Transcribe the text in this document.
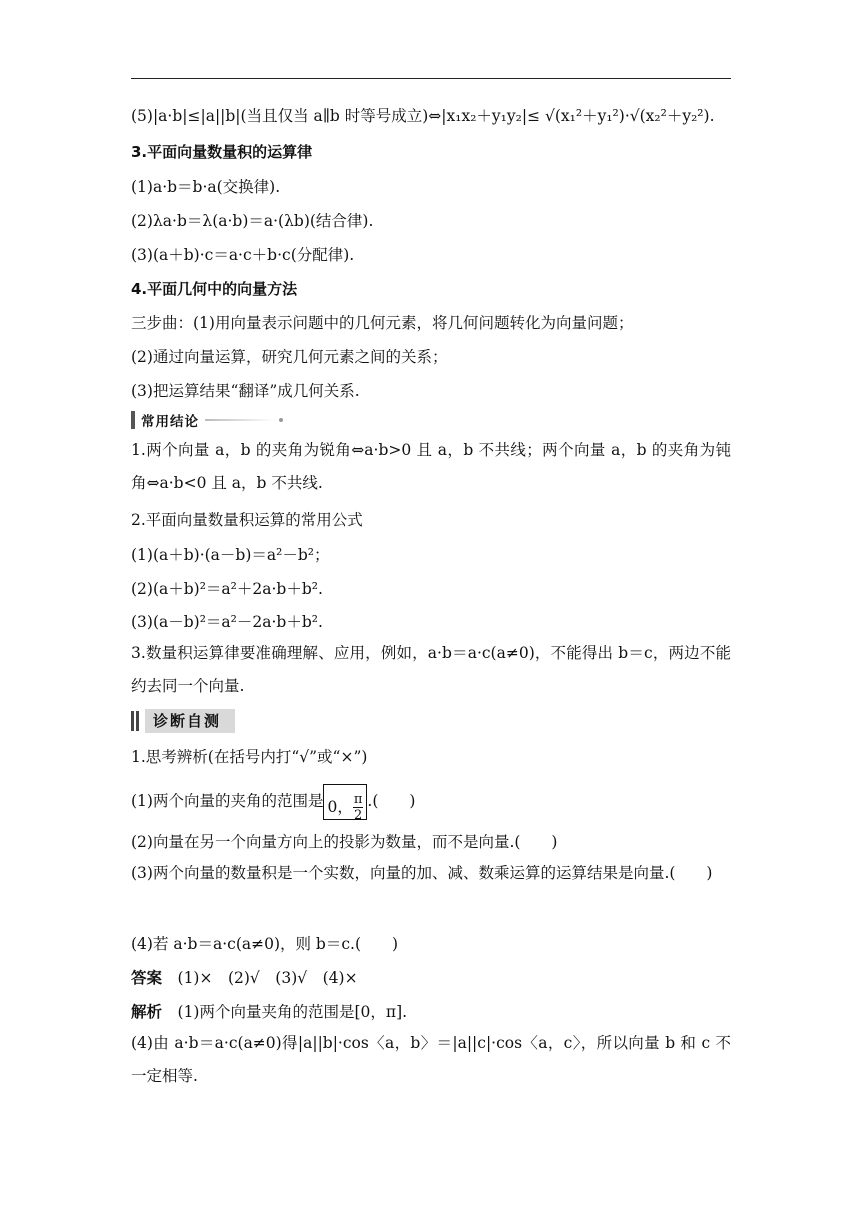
(5)|a·b|≤|a||b|(当且仅当 a∥b 时等号成立)⇔|x₁x₂＋y₁y₂|≤ √(x₁²＋y₁²)·√(x₂²＋y₂²).
3.平面向量数量积的运算律
(1)a·b＝b·a(交换律).
(2)λa·b＝λ(a·b)＝a·(λb)(结合律).
(3)(a＋b)·c＝a·c＋b·c(分配律).
4.平面几何中的向量方法
三步曲：(1)用向量表示问题中的几何元素，将几何问题转化为向量问题；
(2)通过向量运算，研究几何元素之间的关系；
(3)把运算结果“翻译”成几何关系.
常用结论
1.两个向量 a，b 的夹角为锐角⇔a·b>0 且 a，b 不共线；两个向量 a，b 的夹角为钝角⇔a·b<0 且 a，b 不共线.
2.平面向量数量积运算的常用公式
(1)(a＋b)·(a－b)＝a²－b²；
(2)(a＋b)²＝a²＋2a·b＋b².
(3)(a－b)²＝a²－2a·b＋b².
3.数量积运算律要准确理解、应用，例如，a·b＝a·c(a≠0)，不能得出 b＝c，两边不能约去同一个向量.
诊断自测
1.思考辨析(在括号内打“√”或“×”)
(1)两个向量的夹角的范围是 0， $\frac{\pi}{2}$ .(　　)
(2)向量在另一个向量方向上的投影为数量，而不是向量.(　　)
(3)两个向量的数量积是一个实数，向量的加、减、数乘运算的运算结果是向量.(　　)
(4)若 a·b＝a·c(a≠0)，则 b＝c.(　　)
答案　(1)×　(2)√　(3)√　(4)×
解析　(1)两个向量夹角的范围是[0，π].
(4)由 a·b＝a·c(a≠0)得|a||b|·cos〈a，b〉＝|a||c|·cos〈a，c〉，所以向量 b 和 c 不一定相等.
